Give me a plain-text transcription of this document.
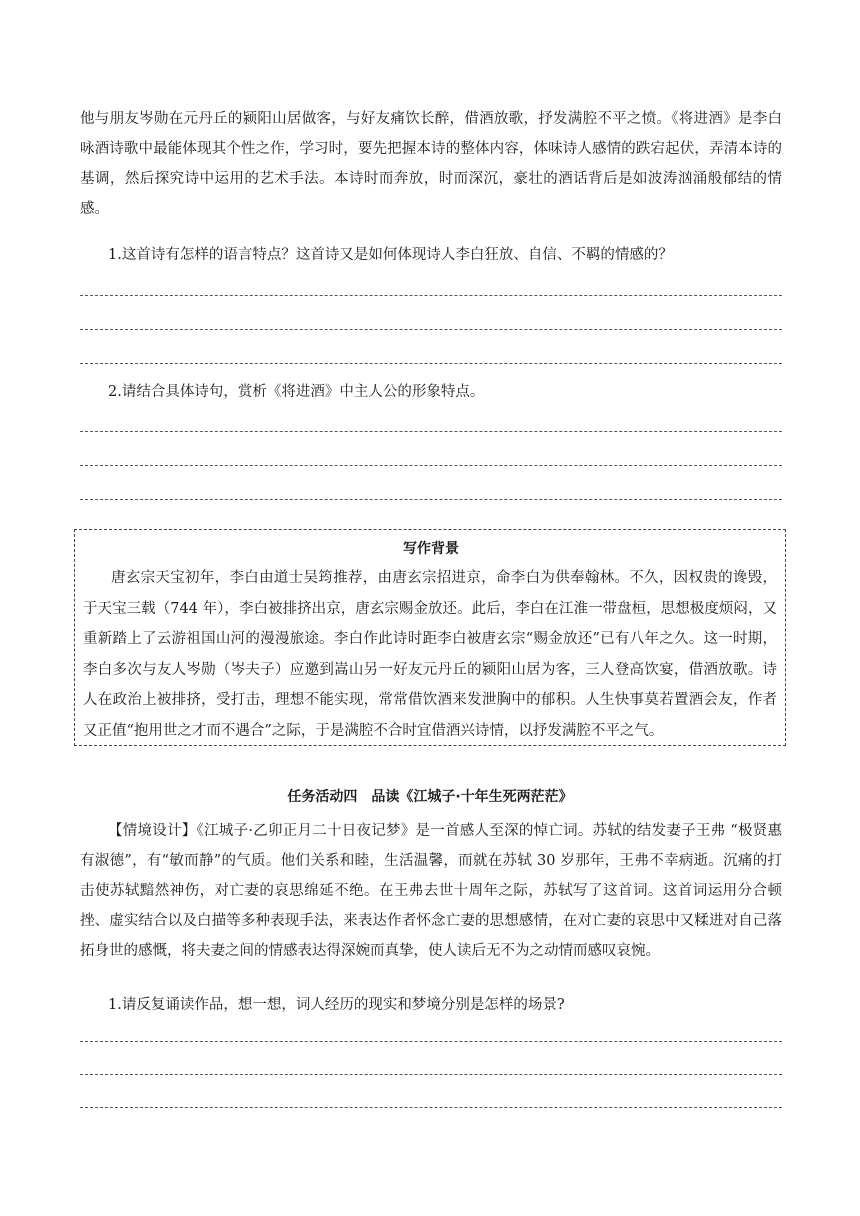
他与朋友岑勋在元丹丘的颍阳山居做客，与好友痛饮长醉，借酒放歌，抒发满腔不平之愤。《将进酒》是李白咏酒诗歌中最能体现其个性之作，学习时，要先把握本诗的整体内容，体味诗人感情的跌宕起伏，弄清本诗的基调，然后探究诗中运用的艺术手法。本诗时而奔放，时而深沉，豪壮的酒话背后是如波涛汹涌般郁结的情感。

1.这首诗有怎样的语言特点？这首诗又是如何体现诗人李白狂放、自信、不羁的情感的？

2.请结合具体诗句，赏析《将进酒》中主人公的形象特点。

写作背景

唐玄宗天宝初年，李白由道士吴筠推荐，由唐玄宗招进京，命李白为供奉翰林。不久，因权贵的谗毁，于天宝三载（744 年），李白被排挤出京，唐玄宗赐金放还。此后，李白在江淮一带盘桓，思想极度烦闷，又重新踏上了云游祖国山河的漫漫旅途。李白作此诗时距李白被唐玄宗“赐金放还”已有八年之久。这一时期，李白多次与友人岑勋（岑夫子）应邀到嵩山另一好友元丹丘的颍阳山居为客，三人登高饮宴，借酒放歌。诗人在政治上被排挤，受打击，理想不能实现，常常借饮酒来发泄胸中的郁积。人生快事莫若置酒会友，作者又正值“抱用世之才而不遇合”之际，于是满腔不合时宜借酒兴诗情，以抒发满腔不平之气。

任务活动四　品读《江城子·十年生死两茫茫》

【情境设计】《江城子·乙卯正月二十日夜记梦》是一首感人至深的悼亡词。苏轼的结发妻子王弗 “极贤惠有淑德”，有“敏而静”的气质。他们关系和睦，生活温馨，而就在苏轼 30 岁那年，王弗不幸病逝。沉痛的打击使苏轼黯然神伤，对亡妻的哀思绵延不绝。在王弗去世十周年之际，苏轼写了这首词。这首词运用分合顿挫、虚实结合以及白描等多种表现手法，来表达作者怀念亡妻的思想感情，在对亡妻的哀思中又糅进对自己落拓身世的感慨，将夫妻之间的情感表达得深婉而真挚，使人读后无不为之动情而感叹哀惋。

1.请反复诵读作品，想一想，词人经历的现实和梦境分别是怎样的场景?
